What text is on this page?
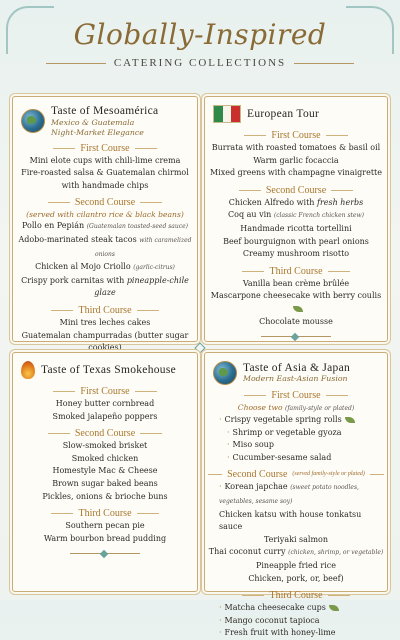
Globally-Inspired
CATERING COLLECTIONS
Taste of Mesoamérica
Mexico & Guatemala
Night-Market Elegance
First Course
Mini elote cups with chili-lime crema
Fire-roasted salsa & Guatemalan chirmol
with handmade chips
Second Course
(served with cilantro rice & black beans)
Pollo en Pepián (Guatemalan toasted-seed sauce)
Adobo-marinated steak tacos with caramelized onions
Chicken al Mojo Criollo (garlic-citrus)
Crispy pork carnitas with pineapple-chile glaze
Third Course
Mini tres leches cakes
Guatemalan champurradas (butter sugar cookies)
European Tour
First Course
Burrata with roasted tomatoes & basil oil
Warm garlic focaccia
Mixed greens with champagne vinaigrette
Second Course
Chicken Alfredo with fresh herbs
Coq au vin (classic French chicken stew)
Handmade ricotta tortellini
Beef bourguignon with pearl onions
Creamy mushroom risotto
Third Course
Vanilla bean crème brûlée
Mascarpone cheesecake with berry coulis
Chocolate mousse
Taste of Texas Smokehouse
First Course
Honey butter cornbread
Smoked jalapeño poppers
Second Course
Slow-smoked brisket
Smoked chicken
Homestyle Mac & Cheese
Brown sugar baked beans
Pickles, onions & brioche buns
Third Course
Southern pecan pie
Warm bourbon bread pudding
Taste of Asia & Japan
Modern East-Asian Fusion
First Course
Choose two (family-style or plated)
· Crispy vegetable spring rolls
· Shrimp or vegetable gyoza
· Miso soup
· Cucumber-sesame salad
Second Course (served family-style or plated)
· Korean japchae (sweet potato noodles, vegetables, sesame soy)
Chicken katsu with house tonkatsu sauce
Teriyaki salmon
Thai coconut curry (chicken, shrimp, or vegetable)
Pineapple fried rice
Chicken, pork, or, beef)
Third Course
· Matcha cheesecake cups
· Mango coconut tapioca
· Fresh fruit with honey-lime
